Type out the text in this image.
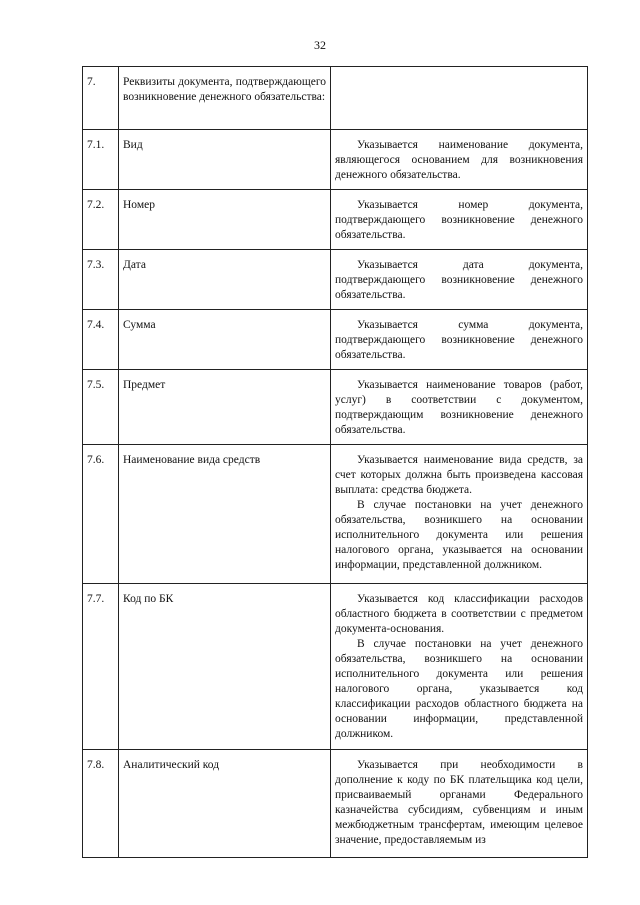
32
7.	Реквизиты документа, подтверждающего возникновение денежного обязательства:	
7.1.	Вид	Указывается наименование документа, являющегося основанием для возникновения денежного обязательства.

7.2.	Номер	Указывается номер документа, подтверждающего возникновение денежного обязательства.

7.3.	Дата	Указывается дата документа, подтверждающего возникновение денежного обязательства.

7.4.	Сумма	Указывается сумма документа, подтверждающего возникновение денежного обязательства.

7.5.	Предмет	Указывается наименование товаров (работ, услуг) в соответствии с документом, подтверждающим возникновение денежного обязательства.

7.6.	Наименование вида средств	Указывается наименование вида средств, за счет которых должна быть произведена кассовая выплата: средства бюджета.

В случае постановки на учет денежного обязательства, возникшего на основании исполнительного документа или решения налогового органа, указывается на основании информации, представленной должником.

7.7.	Код по БК	Указывается код классификации расходов областного бюджета в соответствии с предметом документа-основания.

В случае постановки на учет денежного обязательства, возникшего на основании исполнительного документа или решения налогового органа, указывается код классификации расходов областного бюджета на основании информации, представленной должником.

7.8.	Аналитический код	Указывается при необходимости в дополнение к коду по БК плательщика код цели, присваиваемый органами Федерального казначейства субсидиям, субвенциям и иным межбюджетным трансфертам, имеющим целевое значение, предоставляемым из
